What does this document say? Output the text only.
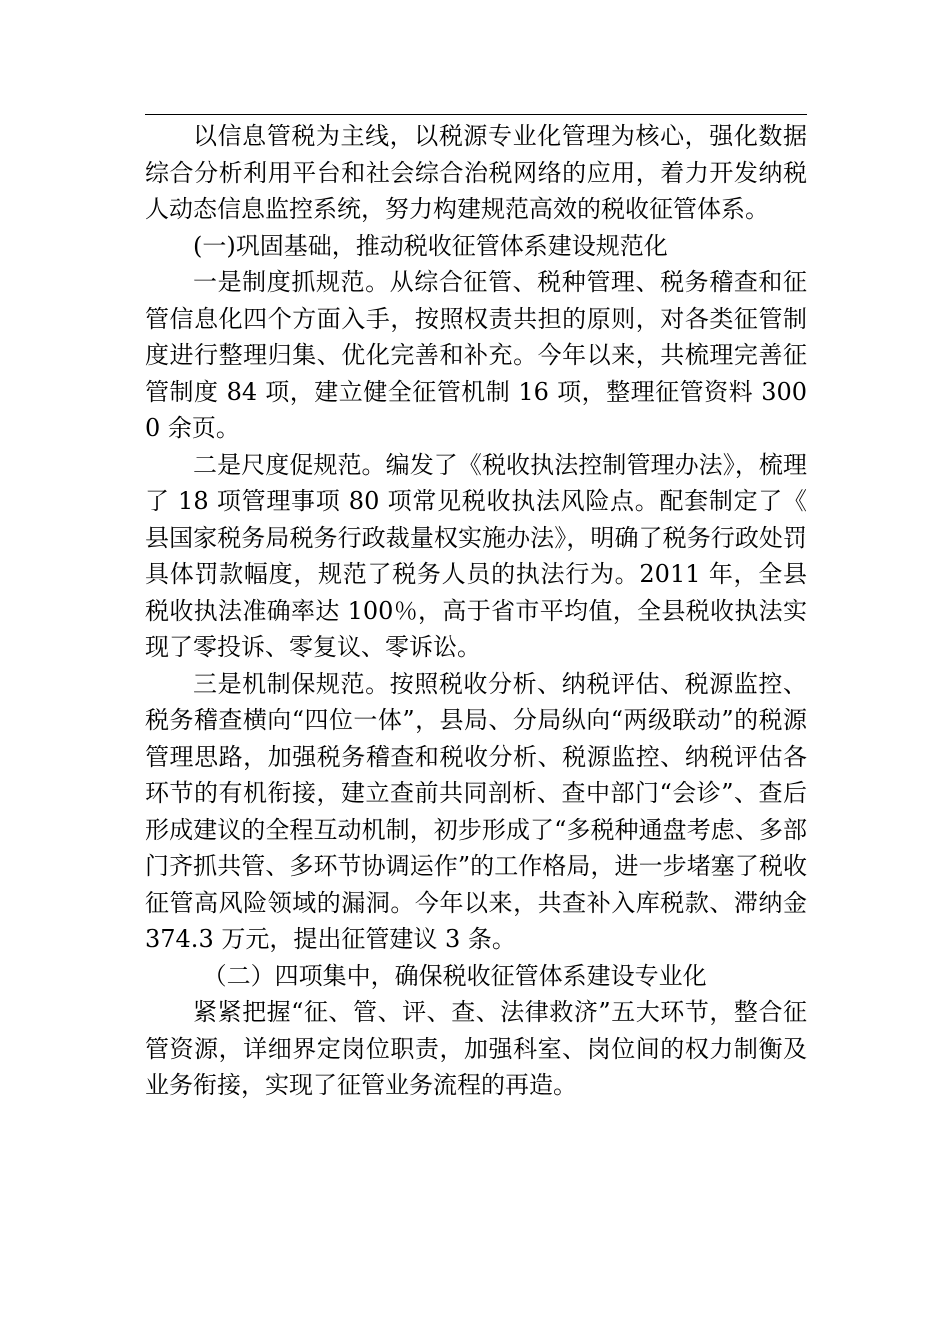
以信息管税为主线，以税源专业化管理为核心，强化数据综合分析利用平台和社会综合治税网络的应用，着力开发纳税人动态信息监控系统，努力构建规范高效的税收征管体系。

(一)巩固基础，推动税收征管体系建设规范化

一是制度抓规范。从综合征管、税种管理、税务稽查和征管信息化四个方面入手，按照权责共担的原则，对各类征管制度进行整理归集、优化完善和补充。今年以来，共梳理完善征管制度 84 项，建立健全征管机制 16 项，整理征管资料 3000 余页。

二是尺度促规范。编发了《税收执法控制管理办法》，梳理了 18 项管理事项 80 项常见税收执法风险点。配套制定了《 县国家税务局税务行政裁量权实施办法》，明确了税务行政处罚具体罚款幅度，规范了税务人员的执法行为。2011 年，全县税收执法准确率达 100％，高于省市平均值，全县税收执法实现了零投诉、零复议、零诉讼。

三是机制保规范。按照税收分析、纳税评估、税源监控、税务稽查横向“四位一体”，县局、分局纵向“两级联动”的税源管理思路，加强税务稽查和税收分析、税源监控、纳税评估各环节的有机衔接，建立查前共同剖析、查中部门“会诊”、查后形成建议的全程互动机制，初步形成了“多税种通盘考虑、多部门齐抓共管、多环节协调运作”的工作格局，进一步堵塞了税收征管高风险领域的漏洞。今年以来，共查补入库税款、滞纳金 374.3 万元，提出征管建议 3 条。

（二）四项集中，确保税收征管体系建设专业化

紧紧把握“征、管、评、查、法律救济”五大环节，整合征管资源，详细界定岗位职责，加强科室、岗位间的权力制衡及业务衔接，实现了征管业务流程的再造。
